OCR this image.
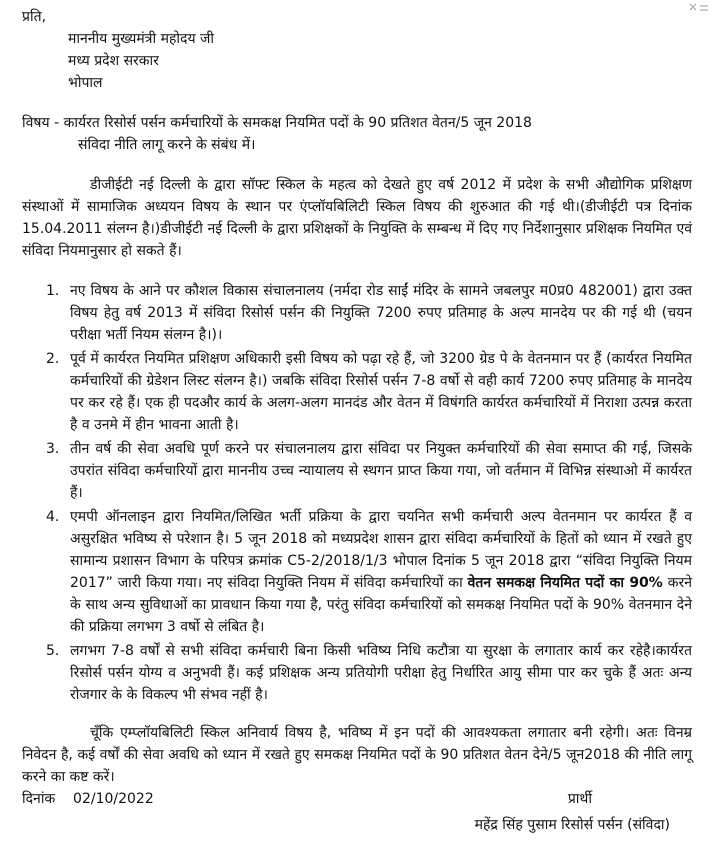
प्रति,

माननीय मुख्यमंत्री महोदय जी

मध्य प्रदेश सरकार

भोपाल

विषय - कार्यरत रिसोर्स पर्सन कर्मचारियों के समकक्ष नियमित पदों के 90 प्रतिशत वेतन/5 जून 2018

संविदा नीति लागू करने के संबंध में।

डीजीईटी नई दिल्ली के द्वारा सॉफ्ट स्किल के महत्व को देखते हुए वर्ष 2012 में प्रदेश के सभी औद्योगिक प्रशिक्षण संस्थाओं में सामाजिक अध्ययन विषय के स्थान पर एंप्लॉयबिलिटी स्किल विषय की शुरुआत की गई थी।(डीजीईटी पत्र दिनांक 15.04.2011 संलग्न है।)डीजीईटी नई दिल्ली के द्वारा प्रशिक्षकों के नियुक्ति के सम्बन्ध में दिए गए निर्देशानुसार प्रशिक्षक नियमित एवं संविदा नियमानुसार हो सकते हैं।

1. नए विषय के आने पर कौशल विकास संचालनालय (नर्मदा रोड साईं मंदिर के सामने जबलपुर म0प्र0 482001) द्वारा उक्त विषय हेतु वर्ष 2013 में संविदा रिसोर्स पर्सन की नियुक्ति 7200 रुपए प्रतिमाह के अल्प मानदेय पर की गई थी (चयन परीक्षा भर्ती नियम संलग्न है।)।
2. पूर्व में कार्यरत नियमित प्रशिक्षण अधिकारी इसी विषय को पढ़ा रहे हैं, जो 3200 ग्रेड पे के वेतनमान पर हैं (कार्यरत नियमित कर्मचारियों की ग्रेडेशन लिस्ट संलग्न है।) जबकि संविदा रिसोर्स पर्सन 7-8 वर्षो से वही कार्य 7200 रुपए प्रतिमाह के मानदेय पर कर रहे हैं। एक ही पदऔर कार्य के अलग-अलग मानदंड और वेतन में विषंगति कार्यरत कर्मचारियों में निराशा उत्पन्न करता है व उनमे में हीन भावना आती है।
3. तीन वर्ष की सेवा अवधि पूर्ण करने पर संचालनालय द्वारा संविदा पर नियुक्त कर्मचारियों की सेवा समाप्त की गई, जिसके उपरांत संविदा कर्मचारियों द्वारा माननीय उच्च न्यायालय से स्थगन प्राप्त किया गया, जो वर्तमान में विभिन्न संस्थाओ में कार्यरत हैं।
4. एमपी ऑनलाइन द्वारा नियमित/लिखित भर्ती प्रक्रिया के द्वारा चयनित सभी कर्मचारी अल्प वेतनमान पर कार्यरत हैं व असुरक्षित भविष्य से परेशान है। 5 जून 2018 को मध्यप्रदेश शासन द्वारा संविदा कर्मचारियों के हितों को ध्यान में रखते हुए सामान्य प्रशासन विभाग के परिपत्र क्रमांक C5-2/2018/1/3 भोपाल दिनांक 5 जून 2018 द्वारा “संविदा नियुक्ति नियम 2017” जारी किया गया। नए संविदा नियुक्ति नियम में संविदा कर्मचारियों का वेतन समकक्ष नियमित पदों का 90% करने के साथ अन्य सुविधाओं का प्रावधान किया गया है, परंतु संविदा कर्मचारियों को समकक्ष नियमित पदों के 90% वेतनमान देने की प्रक्रिया लगभग 3 वर्षो से लंबित है।
5. लगभग 7-8 वर्षों से सभी संविदा कर्मचारी बिना किसी भविष्य निधि कटौत्रा या सुरक्षा के लगातार कार्य कर रहेहै।कार्यरत रिसोर्स पर्सन योग्य व अनुभवी हैं। कई प्रशिक्षक अन्य प्रतियोगी परीक्षा हेतु निर्धारित आयु सीमा पार कर चुके हैं अतः अन्य रोजगार के के विकल्प भी संभव नहीं है।

चूँकि एम्प्लॉयबिलिटी स्किल अनिवार्य विषय है, भविष्य में इन पदों की आवश्यकता लगातार बनी रहेगी। अतः विनम्र निवेदन है, कई वर्षों की सेवा अवधि को ध्यान में रखते हुए समकक्ष नियमित पदों के 90 प्रतिशत वेतन देने/5 जून2018 की नीति लागू करने का कष्ट करें।

दिनांक 02/10/2022	प्रार्थी

महेंद्र सिंह पुसाम रिसोर्स पर्सन (संविदा)
